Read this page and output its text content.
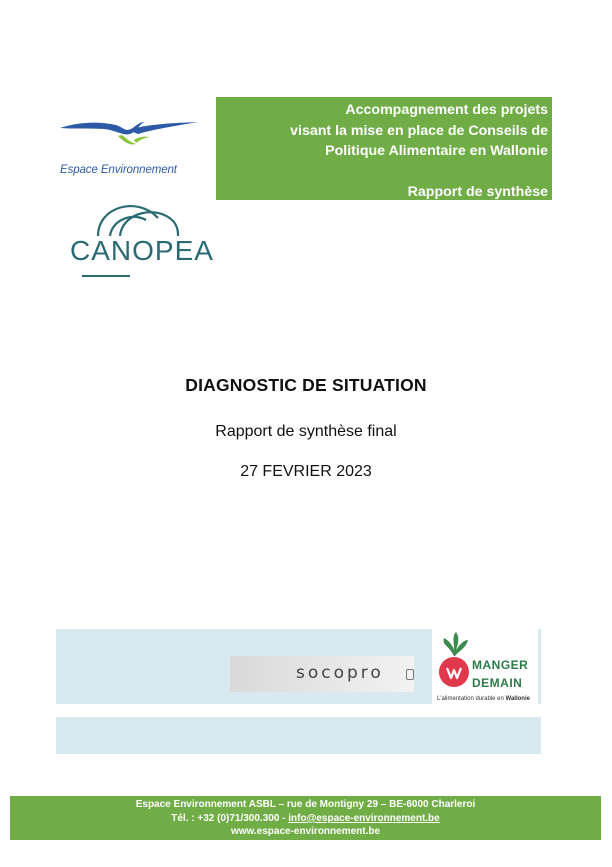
Espace Environnement
Accompagnement des projets
visant la mise en place de Conseils de
Politique Alimentaire en Wallonie
Rapport de synthèse
CANOPEA
DIAGNOSTIC DE SITUATION
Rapport de synthèse final
27 FEVRIER 2023
socopro	MANGER
DEMAIN
L'alimentation durable en Wallonie
Espace Environnement ASBL – rue de Montigny 29 – BE-6000 Charleroi
Tél. : +32 (0)71/300.300 - info@espace-environnement.be
www.espace-environnement.be
